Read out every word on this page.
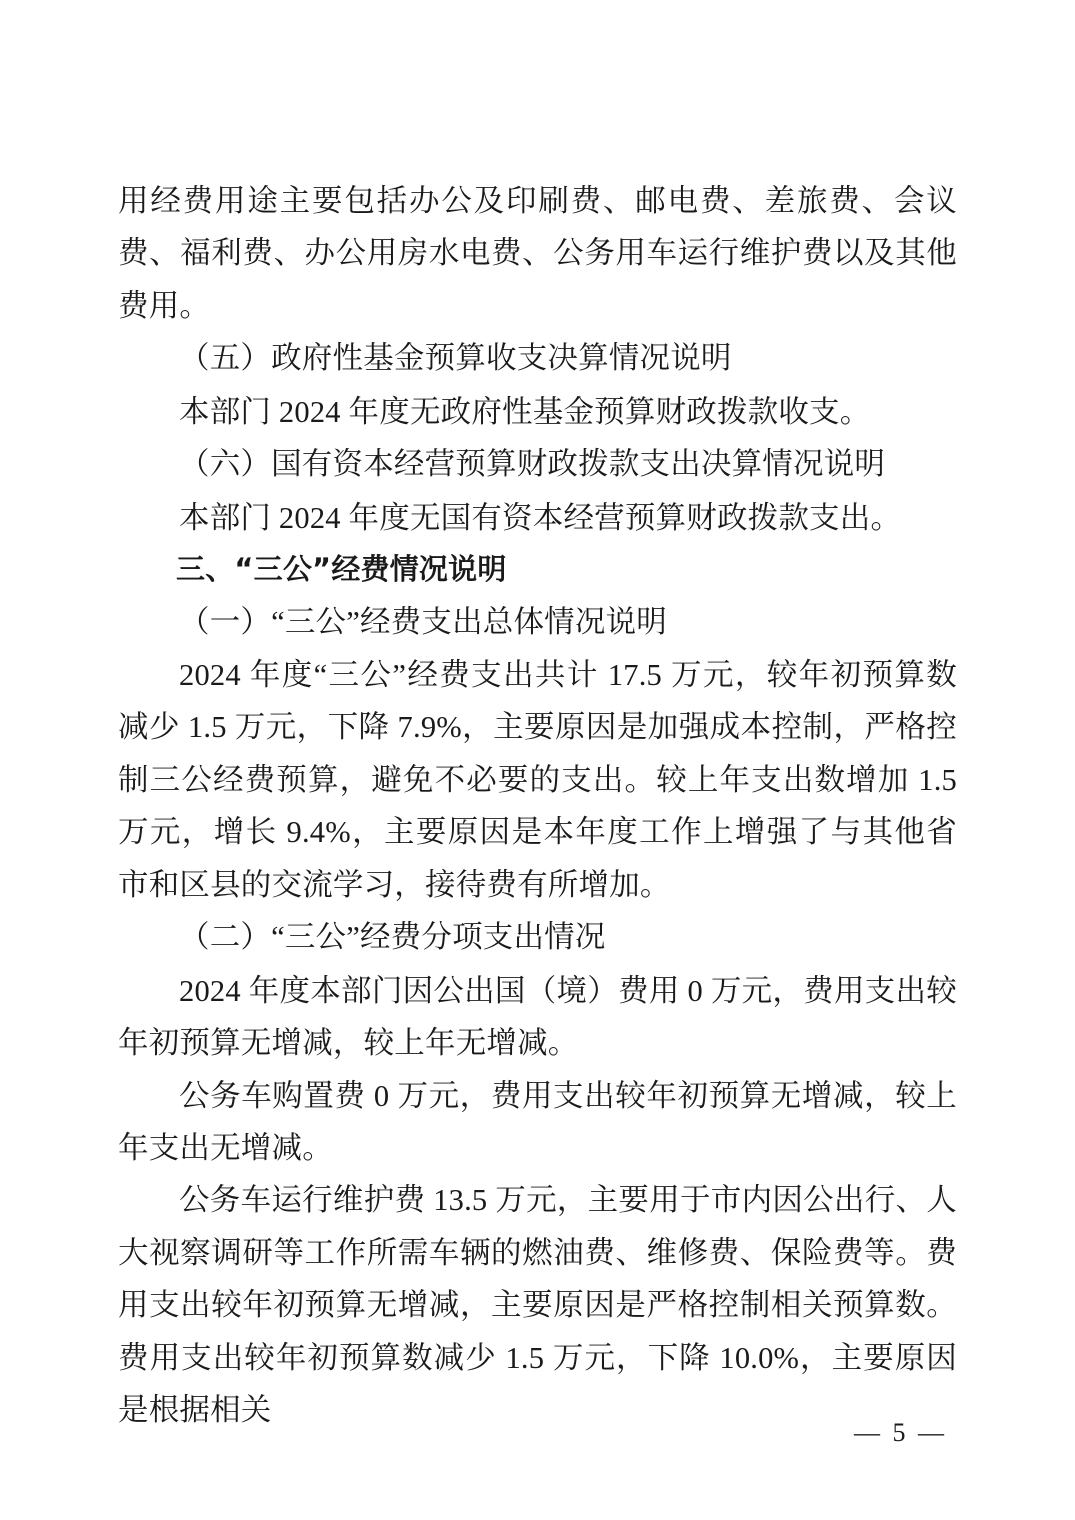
用经费用途主要包括办公及印刷费、邮电费、差旅费、会议费、福利费、办公用房水电费、公务用车运行维护费以及其他费用。

（五）政府性基金预算收支决算情况说明

本部门 2024 年度无政府性基金预算财政拨款收支。

（六）国有资本经营预算财政拨款支出决算情况说明

本部门 2024 年度无国有资本经营预算财政拨款支出。

三、“三公”经费情况说明

（一）“三公”经费支出总体情况说明

2024 年度“三公”经费支出共计 17.5 万元，较年初预算数减少 1.5 万元，下降 7.9%，主要原因是加强成本控制，严格控制三公经费预算，避免不必要的支出。较上年支出数增加 1.5 万元，增长 9.4%，主要原因是本年度工作上增强了与其他省市和区县的交流学习，接待费有所增加。

（二）“三公”经费分项支出情况

2024 年度本部门因公出国（境）费用 0 万元，费用支出较年初预算无增减，较上年无增减。

公务车购置费 0 万元，费用支出较年初预算无增减，较上年支出无增减。

公务车运行维护费 13.5 万元，主要用于市内因公出行、人大视察调研等工作所需车辆的燃油费、维修费、保险费等。费用支出较年初预算无增减，主要原因是严格控制相关预算数。费用支出较年初预算数减少 1.5 万元，下降 10.0%，主要原因是根据相关

— 5 —
